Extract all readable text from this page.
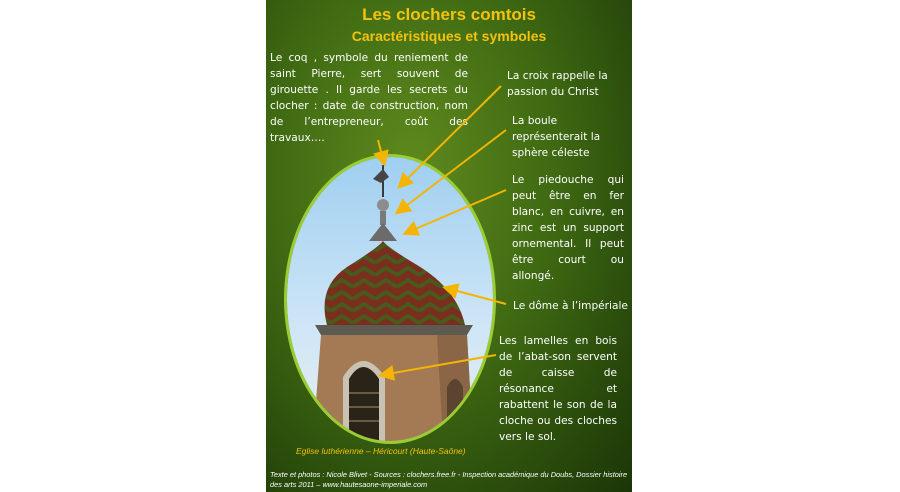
Les clochers comtois
Caractéristiques et symboles
Le coq , symbole du reniement de saint Pierre, sert souvent de girouette . Il garde les secrets du clocher : date de construction, nom de l’entrepreneur, coût des travaux….
La croix rappelle la passion du Christ
La boule représenterait la sphère céleste
Le piedouche qui peut être en fer blanc, en cuivre, en zinc est un support ornemental. Il peut être court ou allongé.
Le dôme à l’impériale
Les lamelles en bois de l’abat-son servent de caisse de résonance et rabattent le son de la cloche ou des cloches vers le sol.
Eglise luthérienne – Héricourt (Haute-Saône)
Texte et photos : Nicole Blivet - Sources : clochers.free.fr - Inspection académique du Doubs, Dossier histoire des arts 2011 – www.hautesaone-imperiale.com
